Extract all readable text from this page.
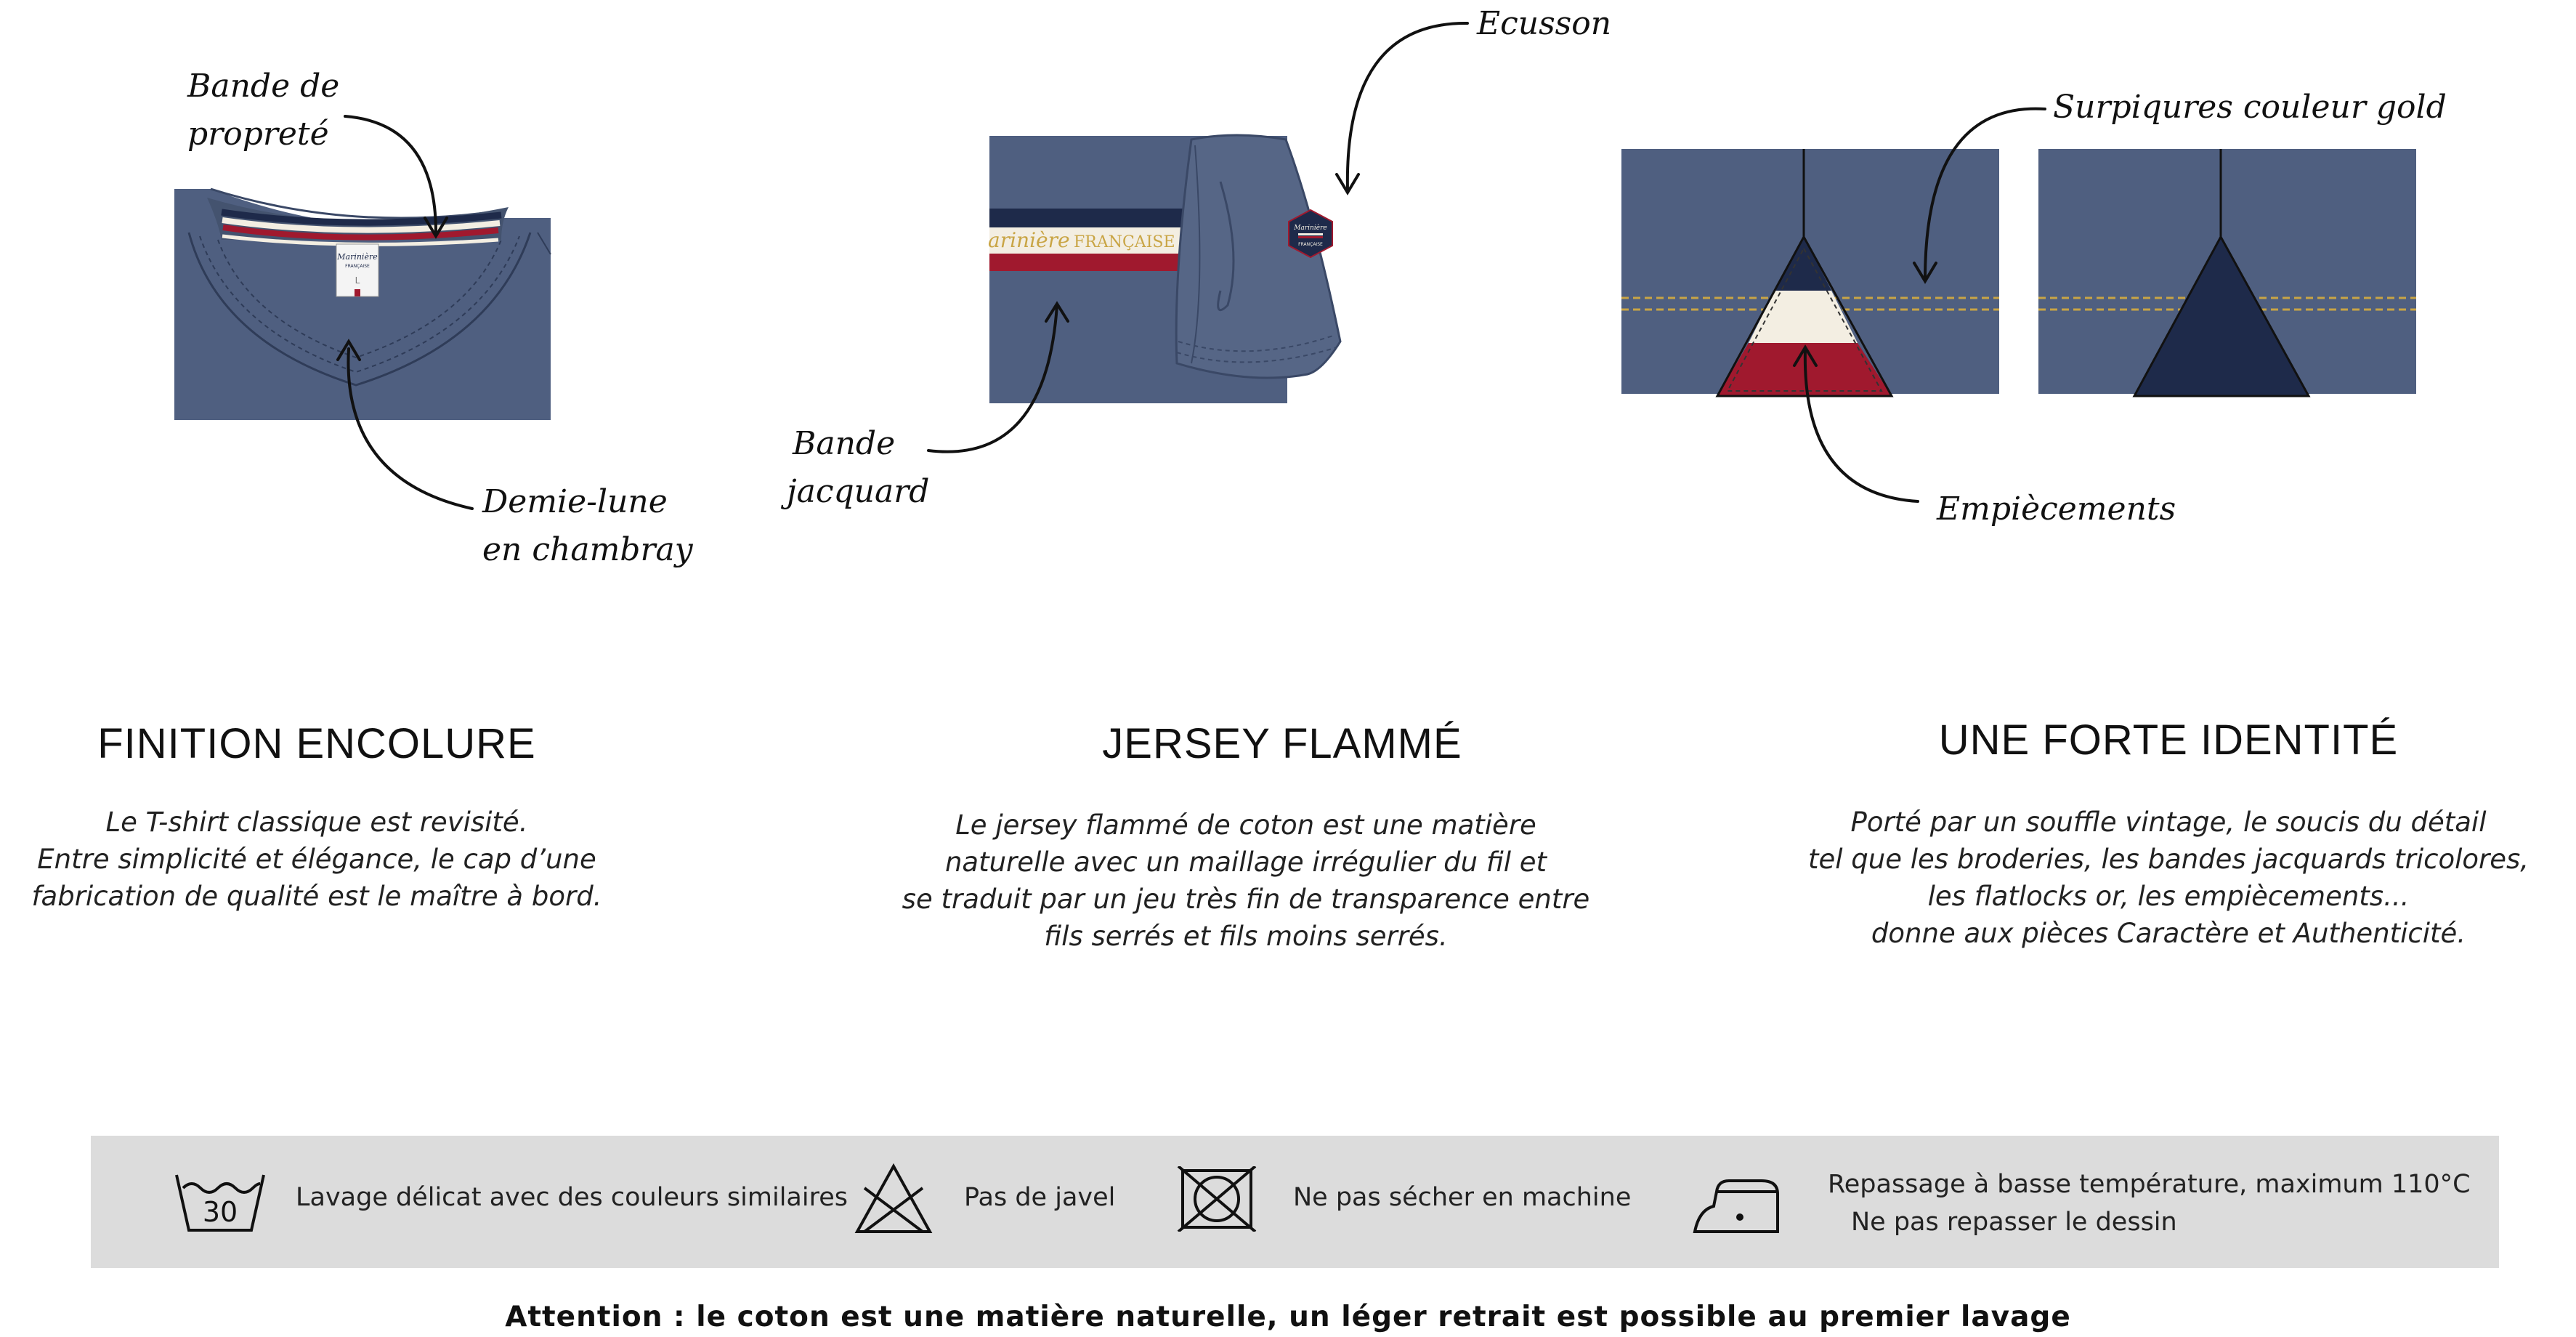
Marinière
FRANÇAISE
L
arinière FRANÇAISE
Marinière
FRANÇAISE
Bande de
propreté
Demie-lune
en chambray
Ecusson
Bande
jacquard
Surpiqures couleur gold
Empiècements
FINITION ENCOLURE	JERSEY FLAMMÉ	UNE FORTE IDENTITÉ
Le T-shirt classique est revisité.
Entre simplicité et élégance, le cap d’une
fabrication de qualité est le maître à bord.
Le jersey flammé de coton est une matière
naturelle avec un maillage irrégulier du fil et
se traduit par un jeu très fin de transparence entre
fils serrés et fils moins serrés.
Porté par un souffle vintage, le soucis du détail
tel que les broderies, les bandes jacquards tricolores,
les flatlocks or, les empiècements...
donne aux pièces Caractère et Authenticité.
30 Lavage délicat avec des couleurs similaires	Pas de javel	Ne pas sécher en machine	Repassage à basse température, maximum 110°C
Ne pas repasser le dessin
Attention : le coton est une matière naturelle, un léger retrait est possible au premier lavage
